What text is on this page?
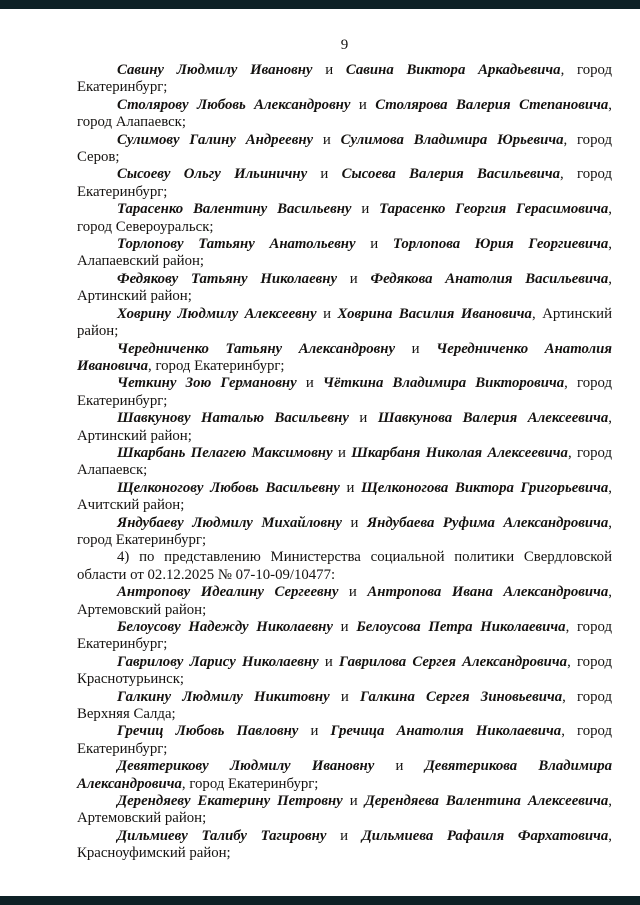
9

Савину Людмилу Ивановну и Савина Виктора Аркадьевича, город Екатеринбург;

Столярову Любовь Александровну и Столярова Валерия Степановича, город Алапаевск;

Сулимову Галину Андреевну и Сулимова Владимира Юрьевича, город Серов;

Сысоеву Ольгу Ильиничну и Сысоева Валерия Васильевича, город Екатеринбург;

Тарасенко Валентину Васильевну и Тарасенко Георгия Герасимовича, город Североуральск;

Торлопову Татьяну Анатольевну и Торлопова Юрия Георгиевича, Алапаевский район;

Федякову Татьяну Николаевну и Федякова Анатолия Васильевича, Артинский район;

Ховрину Людмилу Алексеевну и Ховрина Василия Ивановича, Артинский район;

Чередниченко Татьяну Александровну и Чередниченко Анатолия Ивановича, город Екатеринбург;

Четкину Зою Германовну и Чёткина Владимира Викторовича, город Екатеринбург;

Шавкунову Наталью Васильевну и Шавкунова Валерия Алексеевича, Артинский район;

Шкарбань Пелагею Максимовну и Шкарбаня Николая Алексеевича, город Алапаевск;

Щелконогову Любовь Васильевну и Щелконогова Виктора Григорьевича, Ачитский район;

Яндубаеву Людмилу Михайловну и Яндубаева Руфима Александровича, город Екатеринбург;

4) по представлению Министерства социальной политики Свердловской области от 02.12.2025 № 07-10-09/10477:

Антропову Идеалину Сергеевну и Антропова Ивана Александровича, Артемовский район;

Белоусову Надежду Николаевну и Белоусова Петра Николаевича, город Екатеринбург;

Гаврилову Ларису Николаевну и Гаврилова Сергея Александровича, город Краснотурьинск;

Галкину Людмилу Никитовну и Галкина Сергея Зиновьевича, город Верхняя Салда;

Гречиц Любовь Павловну и Гречица Анатолия Николаевича, город Екатеринбург;

Девятерикову Людмилу Ивановну и Девятерикова Владимира Александровича, город Екатеринбург;

Дерендяеву Екатерину Петровну и Дерендяева Валентина Алексеевича, Артемовский район;

Дильмиеву Талибу Тагировну и Дильмиева Рафаиля Фархатовича, Красноуфимский район;
